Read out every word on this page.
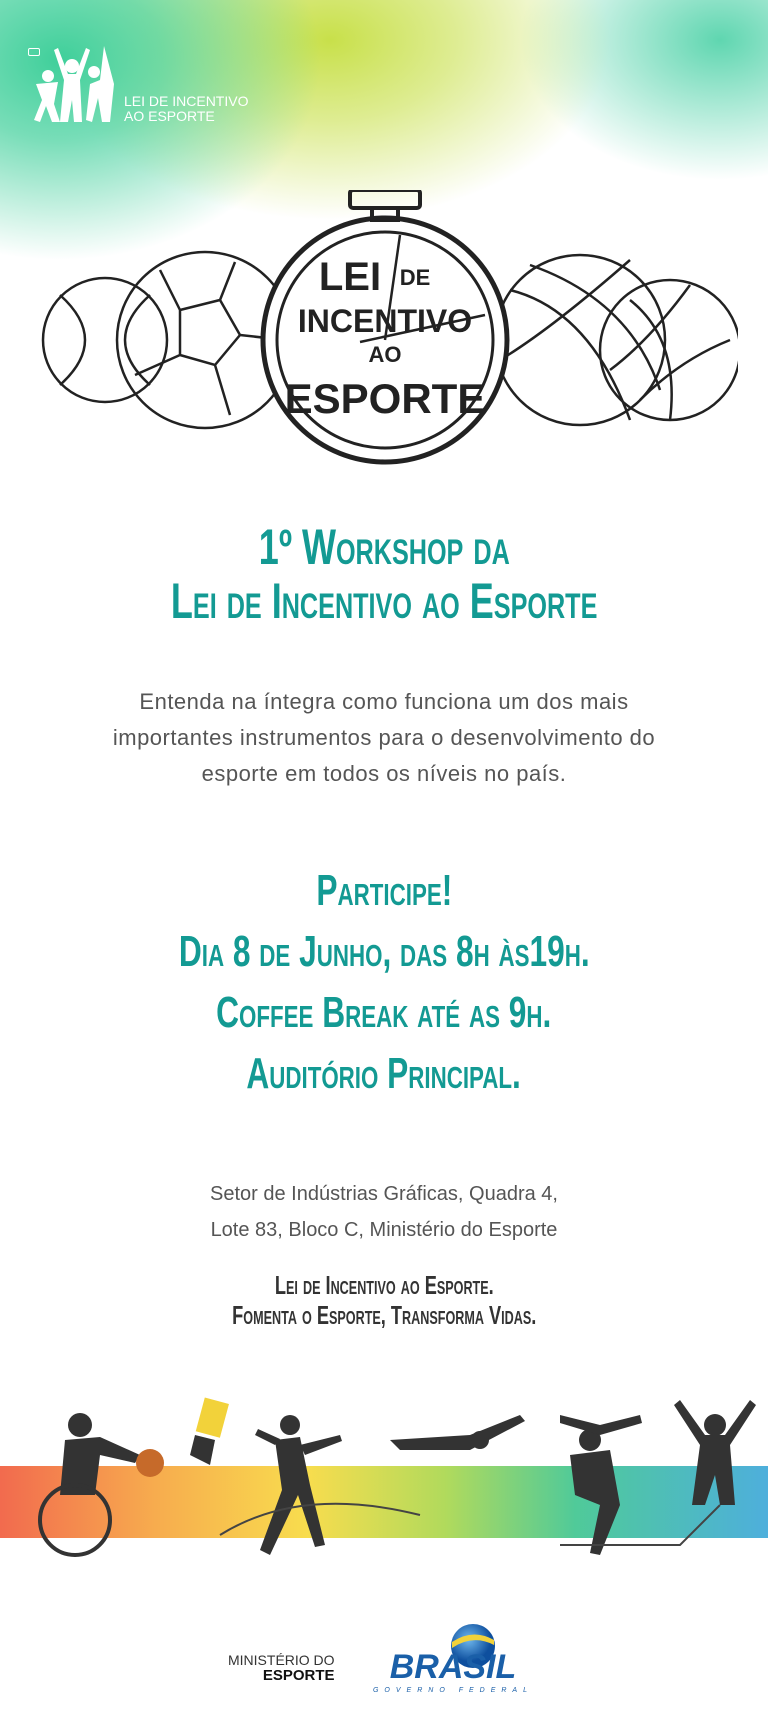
LEI DE INCENTIVO
AO ESPORTE
LEI DE
INCENTIVO
AO
ESPORTE
1º Workshop da
Lei de Incentivo ao Esporte
Entenda na íntegra como funciona um dos mais
importantes instrumentos para o desenvolvimento do
esporte em todos os níveis no país.
Participe!
Dia 8 de Junho, das 8h às19h.
Coffee Break até as 9h.
Auditório Principal.
Setor de Indústrias Gráficas, Quadra 4,
Lote 83, Bloco C, Ministério do Esporte
Lei de Incentivo ao Esporte.
Fomenta o Esporte, Transforma Vidas.
MINISTÉRIO DO
ESPORTE BRASIL
GOVERNO FEDERAL
